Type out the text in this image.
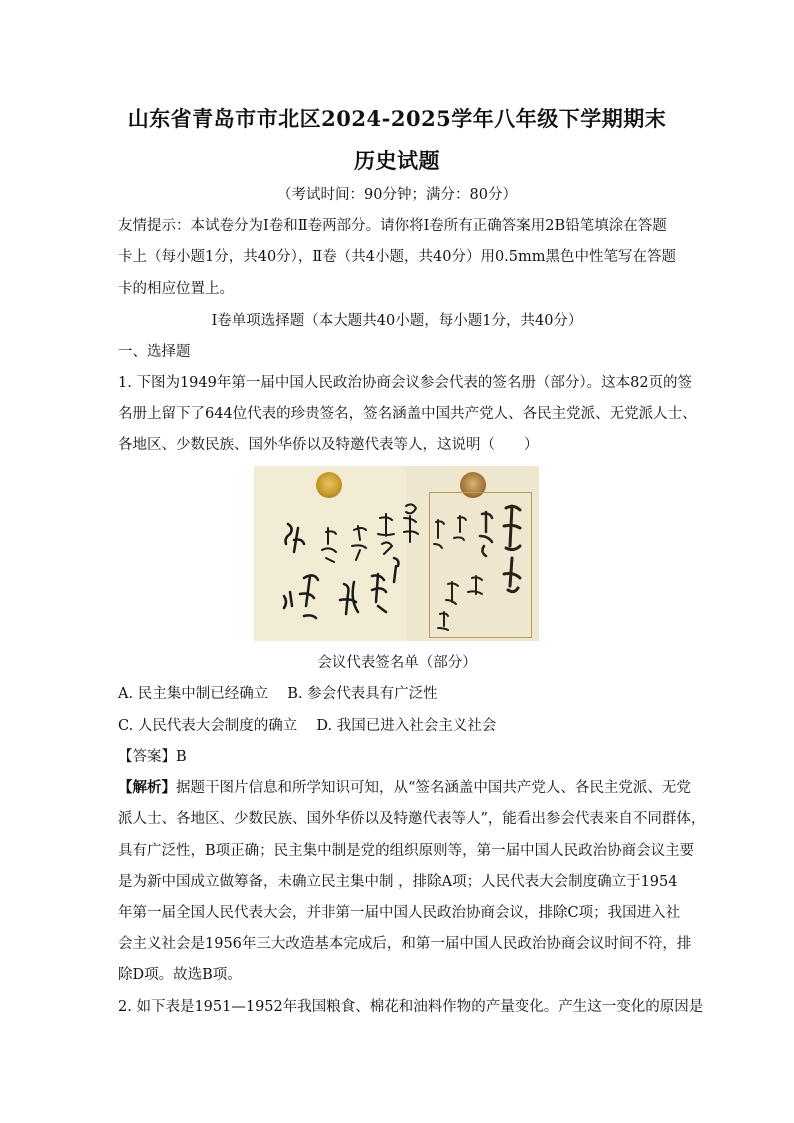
山东省青岛市市北区2024-2025学年八年级下学期期末
历史试题
（考试时间：90分钟；满分：80分）
友情提示：本试卷分为Ⅰ卷和Ⅱ卷两部分。请你将Ⅰ卷所有正确答案用2B铅笔填涂在答题
卡上（每小题1分，共40分），Ⅱ卷（共4小题，共40分）用0.5mm黑色中性笔写在答题
卡的相应位置上。
Ⅰ卷单项选择题（本大题共40小题，每小题1分，共40分）
一、选择题
1. 下图为1949年第一届中国人民政治协商会议参会代表的签名册（部分）。这本82页的签
名册上留下了644位代表的珍贵签名，签名涵盖中国共产党人、各民主党派、无党派人士、
各地区、少数民族、国外华侨以及特邀代表等人，这说明（　　）
会议代表签名单（部分）
A. 民主集中制已经确立　 B. 参会代表具有广泛性
C. 人民代表大会制度的确立　 D. 我国已进入社会主义社会
【答案】B
【解析】据题干图片信息和所学知识可知，从“签名涵盖中国共产党人、各民主党派、无党
派人士、各地区、少数民族、国外华侨以及特邀代表等人”，能看出参会代表来自不同群体，
具有广泛性，B项正确；民主集中制是党的组织原则等，第一届中国人民政治协商会议主要
是为新中国成立做筹备，未确立民主集中制 ，排除A项；人民代表大会制度确立于1954
年第一届全国人民代表大会，并非第一届中国人民政治协商会议，排除C项；我国进入社
会主义社会是1956年三大改造基本完成后，和第一届中国人民政治协商会议时间不符，排
除D项。故选B项。
2. 如下表是1951—1952年我国粮食、棉花和油料作物的产量变化。产生这一变化的原因是
